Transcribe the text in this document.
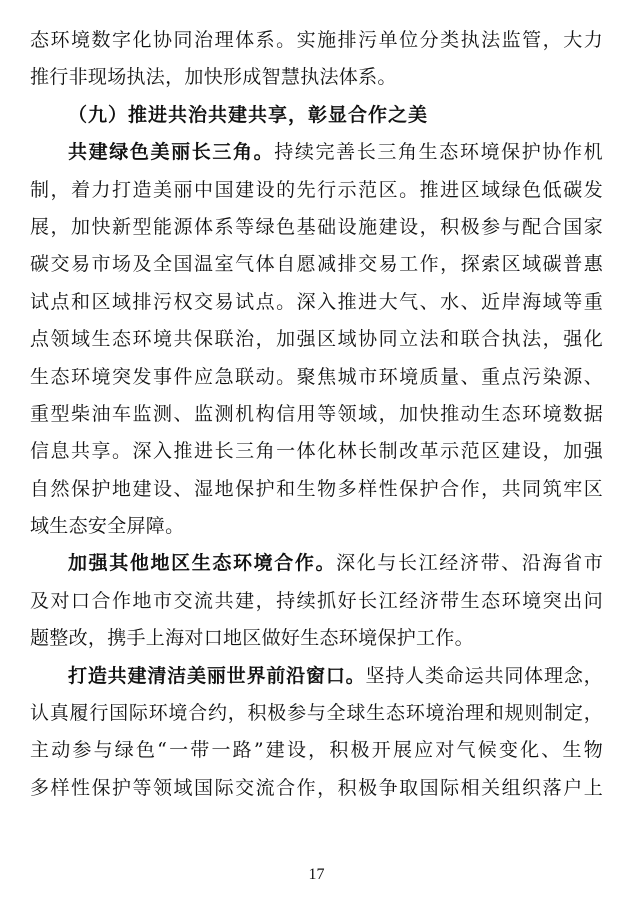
态环境数字化协同治理体系。实施排污单位分类执法监管，大力
推行非现场执法，加快形成智慧执法体系。
（九）推进共治共建共享，彰显合作之美
共建绿色美丽长三角。持续完善长三角生态环境保护协作机
制，着力打造美丽中国建设的先行示范区。推进区域绿色低碳发
展，加快新型能源体系等绿色基础设施建设，积极参与配合国家
碳交易市场及全国温室气体自愿减排交易工作，探索区域碳普惠
试点和区域排污权交易试点。深入推进大气、水、近岸海域等重
点领域生态环境共保联治，加强区域协同立法和联合执法，强化
生态环境突发事件应急联动。聚焦城市环境质量、重点污染源、
重型柴油车监测、监测机构信用等领域，加快推动生态环境数据
信息共享。深入推进长三角一体化林长制改革示范区建设，加强
自然保护地建设、湿地保护和生物多样性保护合作，共同筑牢区
域生态安全屏障。
加强其他地区生态环境合作。深化与长江经济带、沿海省市
及对口合作地市交流共建，持续抓好长江经济带生态环境突出问
题整改，携手上海对口地区做好生态环境保护工作。
打造共建清洁美丽世界前沿窗口。坚持人类命运共同体理念，
认真履行国际环境合约，积极参与全球生态环境治理和规则制定，
主动参与绿色“一带一路”建设，积极开展应对气候变化、生物
多样性保护等领域国际交流合作，积极争取国际相关组织落户上
17
